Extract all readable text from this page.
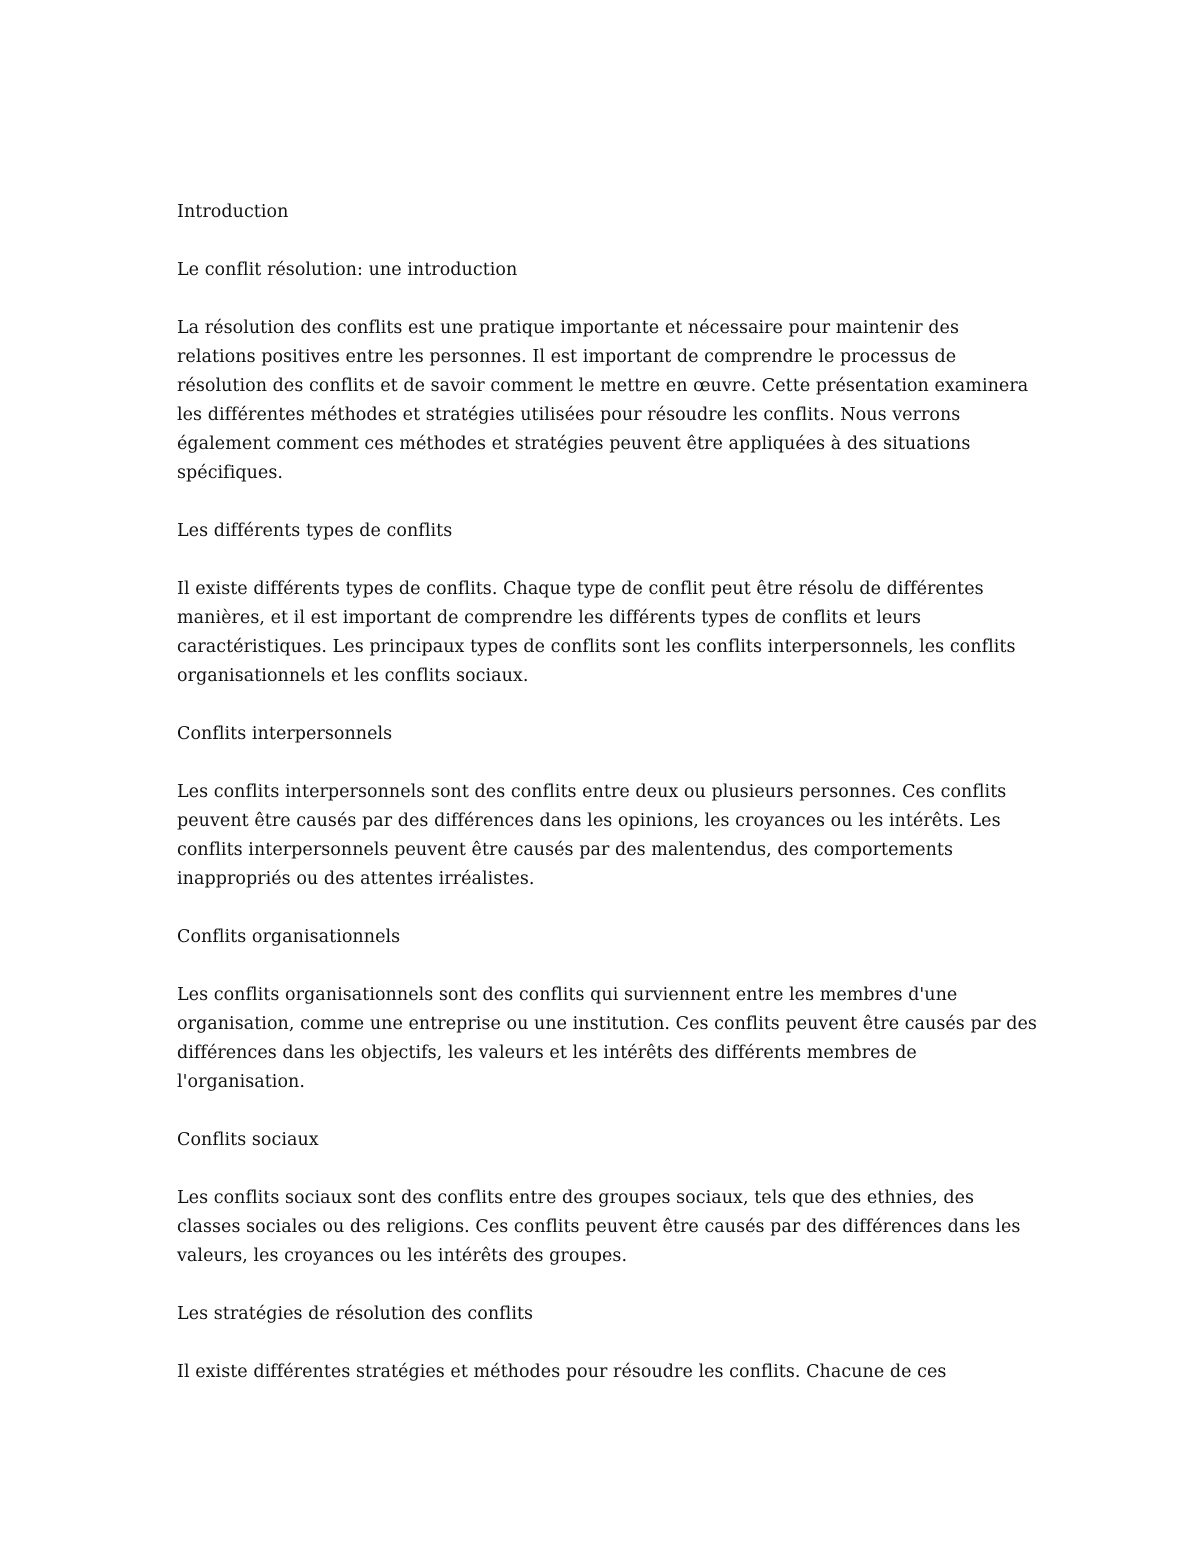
Introduction

Le conflit résolution: une introduction

La résolution des conflits est une pratique importante et nécessaire pour maintenir des relations positives entre les personnes. Il est important de comprendre le processus de résolution des conflits et de savoir comment le mettre en œuvre. Cette présentation examinera les différentes méthodes et stratégies utilisées pour résoudre les conflits. Nous verrons également comment ces méthodes et stratégies peuvent être appliquées à des situations spécifiques.

Les différents types de conflits

Il existe différents types de conflits. Chaque type de conflit peut être résolu de différentes manières, et il est important de comprendre les différents types de conflits et leurs caractéristiques. Les principaux types de conflits sont les conflits interpersonnels, les conflits organisationnels et les conflits sociaux.

Conflits interpersonnels

Les conflits interpersonnels sont des conflits entre deux ou plusieurs personnes. Ces conflits peuvent être causés par des différences dans les opinions, les croyances ou les intérêts. Les conflits interpersonnels peuvent être causés par des malentendus, des comportements inappropriés ou des attentes irréalistes.

Conflits organisationnels

Les conflits organisationnels sont des conflits qui surviennent entre les membres d'une organisation, comme une entreprise ou une institution. Ces conflits peuvent être causés par des différences dans les objectifs, les valeurs et les intérêts des différents membres de l'organisation.

Conflits sociaux

Les conflits sociaux sont des conflits entre des groupes sociaux, tels que des ethnies, des classes sociales ou des religions. Ces conflits peuvent être causés par des différences dans les valeurs, les croyances ou les intérêts des groupes.

Les stratégies de résolution des conflits

Il existe différentes stratégies et méthodes pour résoudre les conflits. Chacune de ces
